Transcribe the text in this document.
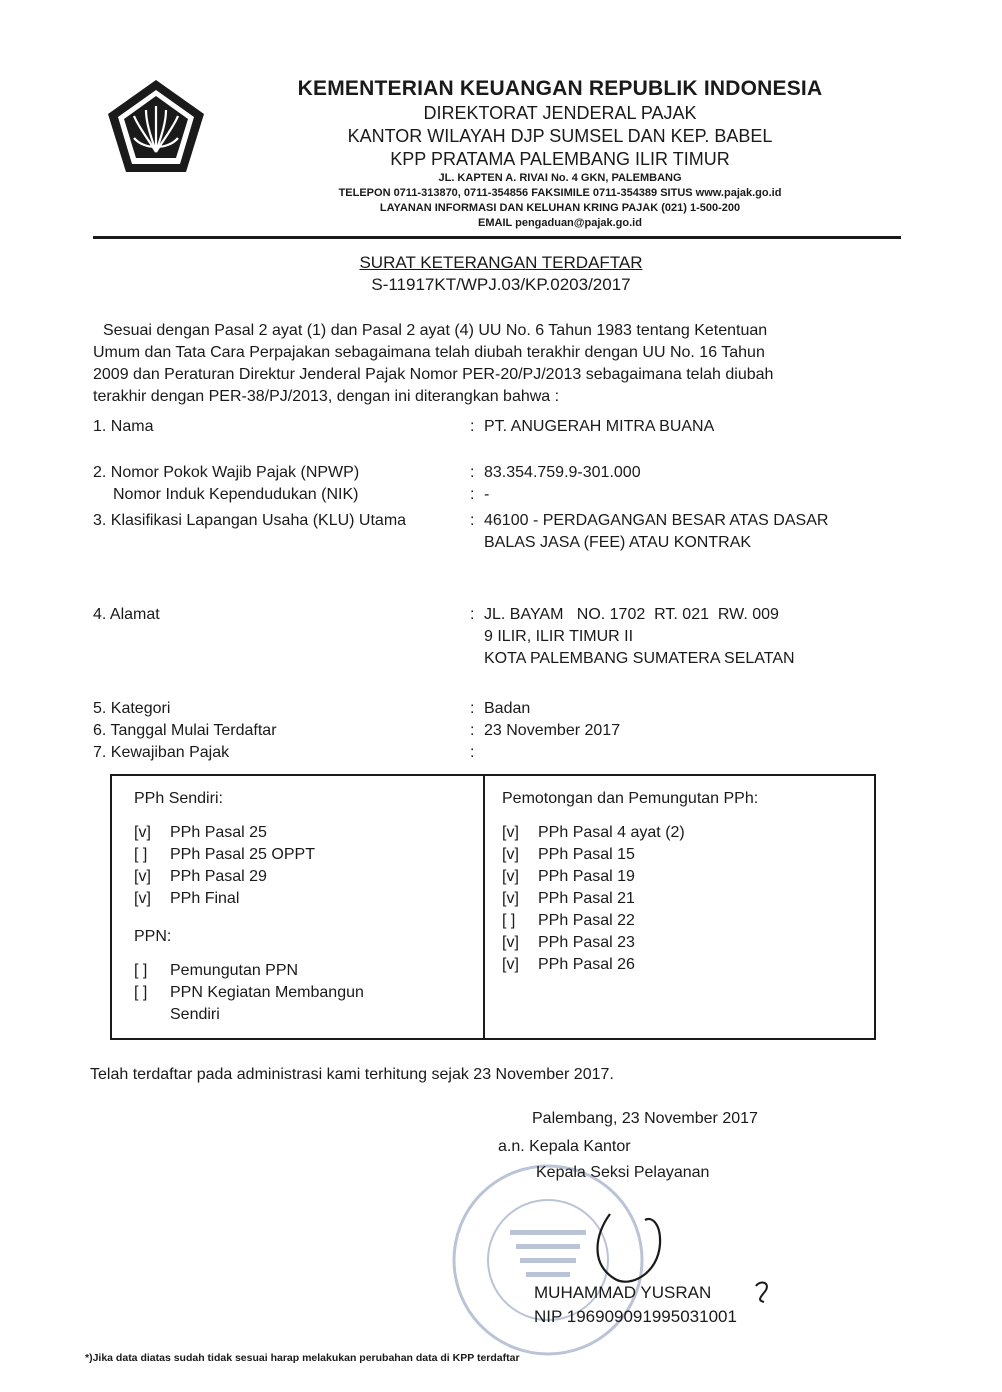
KEMENTERIAN KEUANGAN REPUBLIK INDONESIA
DIREKTORAT JENDERAL PAJAK
KANTOR WILAYAH DJP SUMSEL DAN KEP. BABEL
KPP PRATAMA PALEMBANG ILIR TIMUR
JL. KAPTEN A. RIVAI No. 4 GKN, PALEMBANG
TELEPON 0711-313870, 0711-354856 FAKSIMILE 0711-354389 SITUS www.pajak.go.id
LAYANAN INFORMASI DAN KELUHAN KRING PAJAK (021) 1-500-200
EMAIL pengaduan@pajak.go.id
SURAT KETERANGAN TERDAFTAR
S-11917KT/WPJ.03/KP.0203/2017
Sesuai dengan Pasal 2 ayat (1) dan Pasal 2 ayat (4) UU No. 6 Tahun 1983 tentang Ketentuan
Umum dan Tata Cara Perpajakan sebagaimana telah diubah terakhir dengan UU No. 16 Tahun
2009 dan Peraturan Direktur Jenderal Pajak Nomor PER-20/PJ/2013 sebagaimana telah diubah
terakhir dengan PER-38/PJ/2013, dengan ini diterangkan bahwa :
1. Nama	: PT. ANUGERAH MITRA BUANA
2. Nomor Pokok Wajib Pajak (NPWP)	: 83.354.759.9-301.000
Nomor Induk Kependudukan (NIK)	: -
3. Klasifikasi Lapangan Usaha (KLU) Utama	: 46100 - PERDAGANGAN BESAR ATAS DASAR
BALAS JASA (FEE) ATAU KONTRAK
4. Alamat	: JL. BAYAM   NO. 1702  RT. 021  RW. 009
9 ILIR, ILIR TIMUR II
KOTA PALEMBANG SUMATERA SELATAN
5. Kategori	: Badan
6. Tanggal Mulai Terdaftar	: 23 November 2017
7. Kewajiban Pajak	:
PPh Sendiri:
[v] PPh Pasal 25
[ ] PPh Pasal 25 OPPT
[v] PPh Pasal 29
[v] PPh Final
PPN:
[ ] Pemungutan PPN
[ ] PPN Kegiatan Membangun
Sendiri
Pemotongan dan Pemungutan PPh:
[v] PPh Pasal 4 ayat (2)
[v] PPh Pasal 15
[v] PPh Pasal 19
[v] PPh Pasal 21
[ ] PPh Pasal 22
[v] PPh Pasal 23
[v] PPh Pasal 26
Telah terdaftar pada administrasi kami terhitung sejak 23 November 2017.
Palembang, 23 November 2017
a.n. Kepala Kantor
Kepala Seksi Pelayanan
MUHAMMAD YUSRAN
NIP 196909091995031001
*)Jika data diatas sudah tidak sesuai harap melakukan perubahan data di KPP terdaftar
